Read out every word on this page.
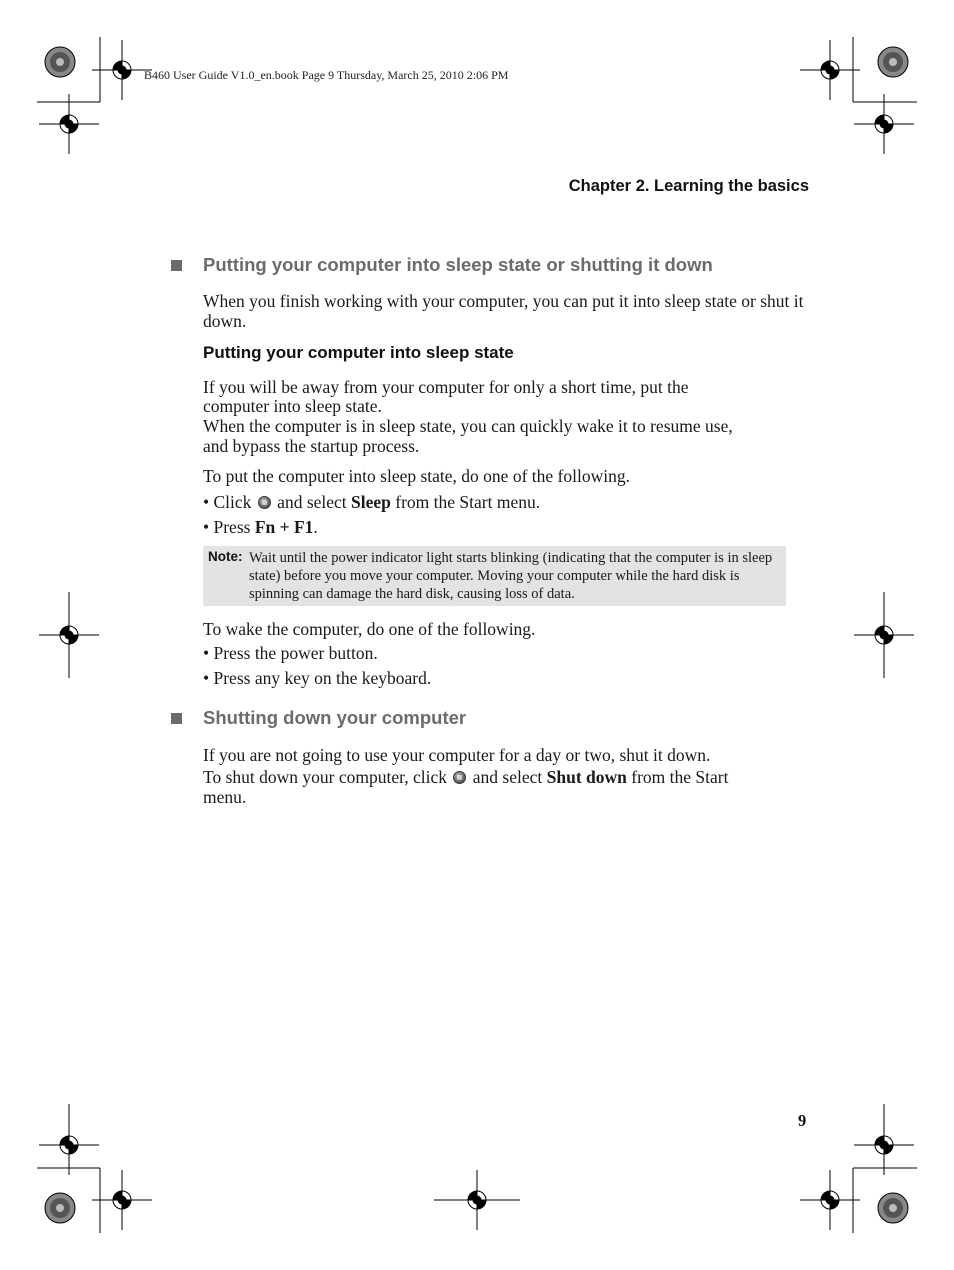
B460 User Guide V1.0_en.book Page 9 Thursday, March 25, 2010 2:06 PM
Chapter 2. Learning the basics
Putting your computer into sleep state or shutting it down
When you finish working with your computer, you can put it into sleep state or shut it down.
Putting your computer into sleep state
If you will be away from your computer for only a short time, put the
computer into sleep state.
When the computer is in sleep state, you can quickly wake it to resume use,
and bypass the startup process.
To put the computer into sleep state, do one of the following.
• Click  and select Sleep from the Start menu.
• Press Fn + F1.
Note: Wait until the power indicator light starts blinking (indicating that the computer is in sleep state) before you move your computer. Moving your computer while the hard disk is spinning can damage the hard disk, causing loss of data.
To wake the computer, do one of the following.
• Press the power button.
• Press any key on the keyboard.
Shutting down your computer
If you are not going to use your computer for a day or two, shut it down.
To shut down your computer, click  and select Shut down from the Start
menu.
9
